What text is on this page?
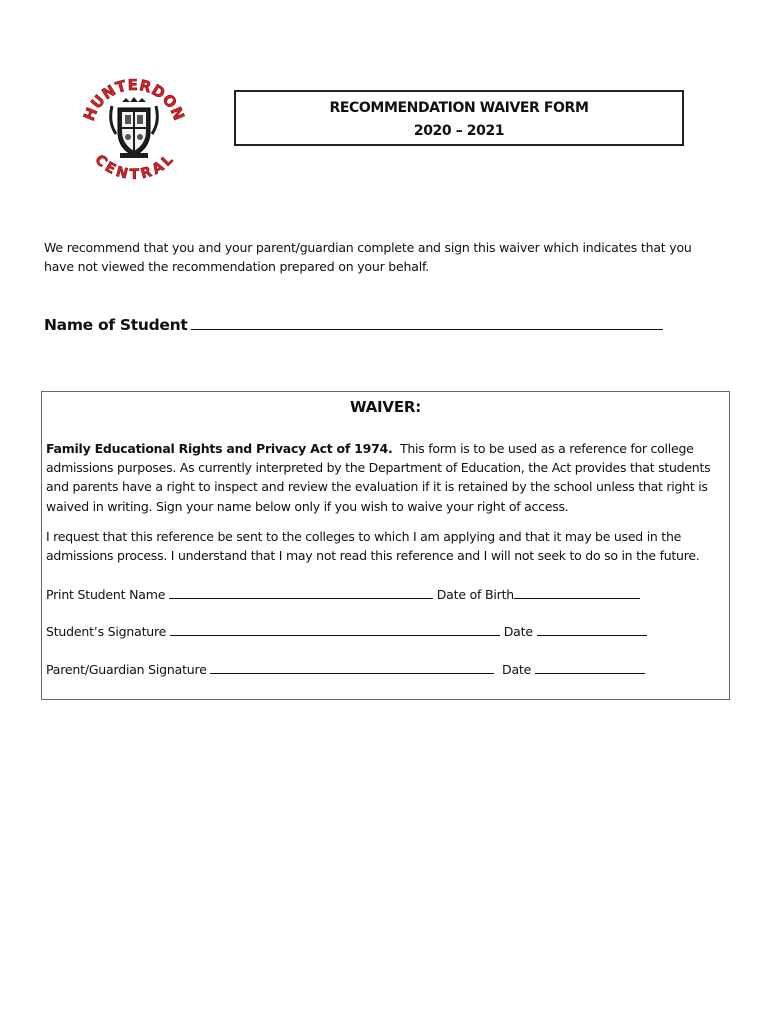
HUNTERDON
CENTRAL
RECOMMENDATION WAIVER FORM
2020 – 2021
We recommend that you and your parent/guardian complete and sign this waiver which indicates that you have not viewed the recommendation prepared on your behalf.
Name of Student
WAIVER:
Family Educational Rights and Privacy Act of 1974. This form is to be used as a reference for college admissions purposes. As currently interpreted by the Department of Education, the Act provides that students and parents have a right to inspect and review the evaluation if it is retained by the school unless that right is waived in writing. Sign your name below only if you wish to waive your right of access.
I request that this reference be sent to the colleges to which I am applying and that it may be used in the admissions process. I understand that I may not read this reference and I will not seek to do so in the future.
Print Student Name	Date of Birth
Student’s Signature	Date
Parent/Guardian Signature	Date
